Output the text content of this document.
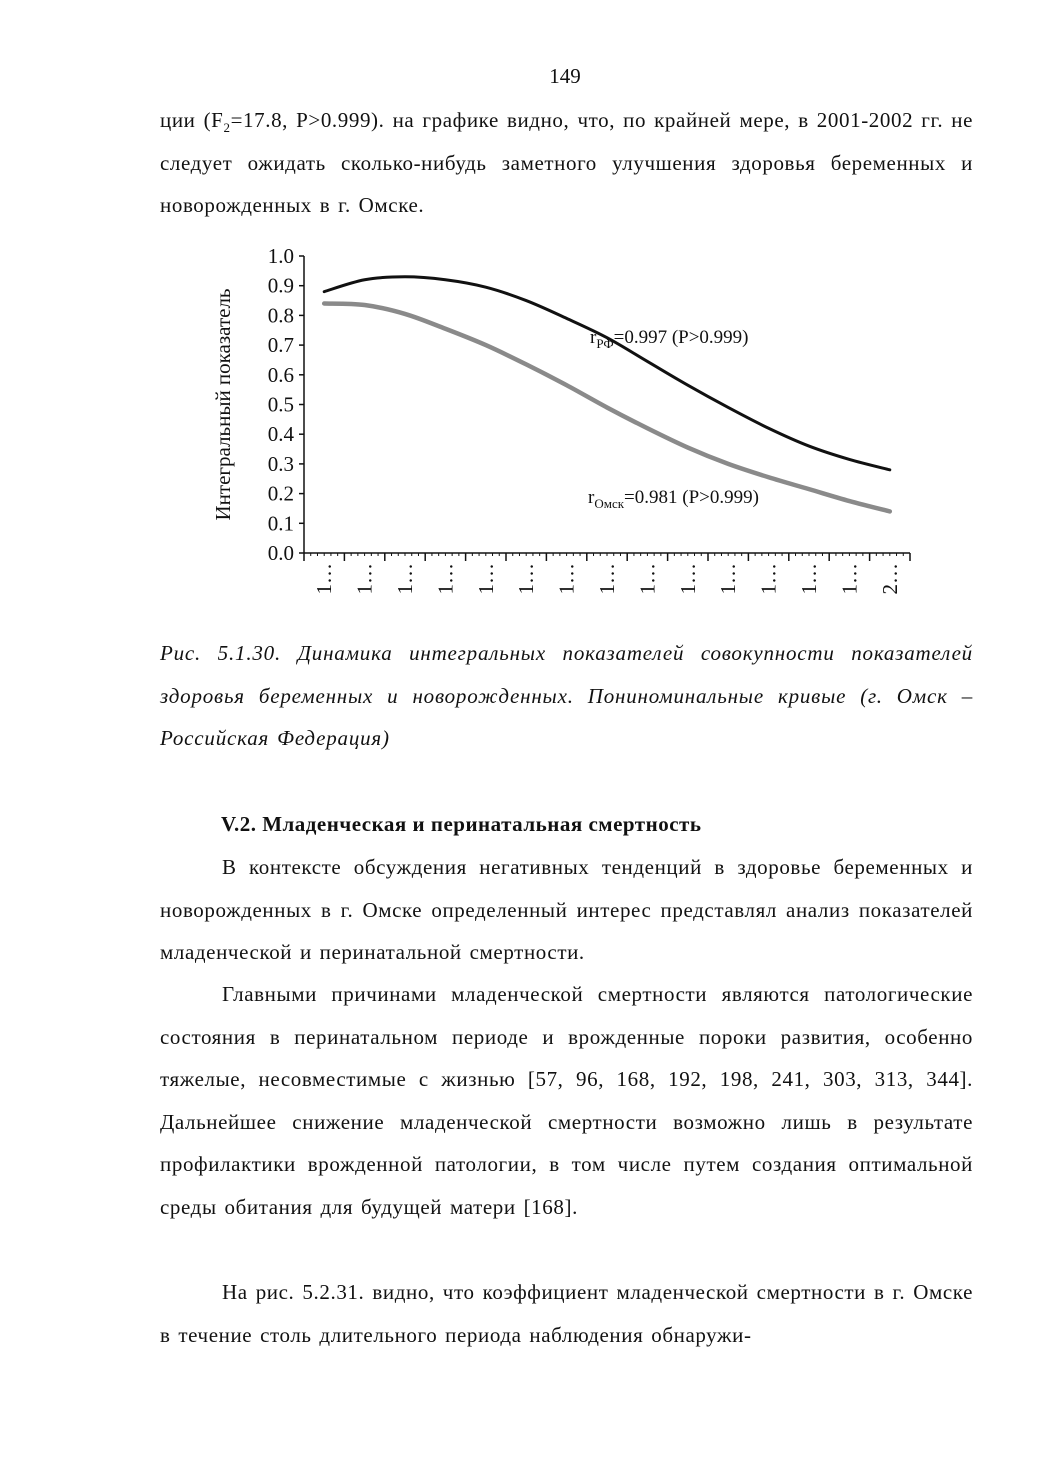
149
ции ($F_2=17.8$, P>0.999). на графике видно, что, по крайней мере, в 2001-2002 гг. не следует ожидать сколько-нибудь заметного улучшения здоровья беременных и новорожденных в г. Омске.
Интегральный показатель
0.0
0.1
0.2
0.3
0.4
0.5
0.6
0.7
0.8
0.9
1.0
1… 1… 1… 1… 1… 1… 1… 1… 1… 1… 1… 1… 1… 1… 2…
$r_{РФ}=0.997$ (P>0.999)
$r_{Омск}=0.981$ (P>0.999)
Рис. 5.1.30. Динамика интегральных показателей совокупности показателей здоровья беременных и новорожденных. Пониноминальные кривые (г. Омск – Российская Федерация)
V.2. Младенческая и перинатальная смертность
В контексте обсуждения негативных тенденций в здоровье беременных и новорожденных в г. Омске определенный интерес представлял анализ показателей младенческой и перинатальной смертности.
Главными причинами младенческой смертности являются патологические состояния в перинатальном периоде и врожденные пороки развития, особенно тяжелые, несовместимые с жизнью [57, 96, 168, 192, 198, 241, 303, 313, 344]. Дальнейшее снижение младенческой смертности возможно лишь в результате профилактики врожденной патологии, в том числе путем создания оптимальной среды обитания для будущей матери [168].
На рис. 5.2.31. видно, что коэффициент младенческой смертности в г. Омске в течение столь длительного периода наблюдения обнаружи-
